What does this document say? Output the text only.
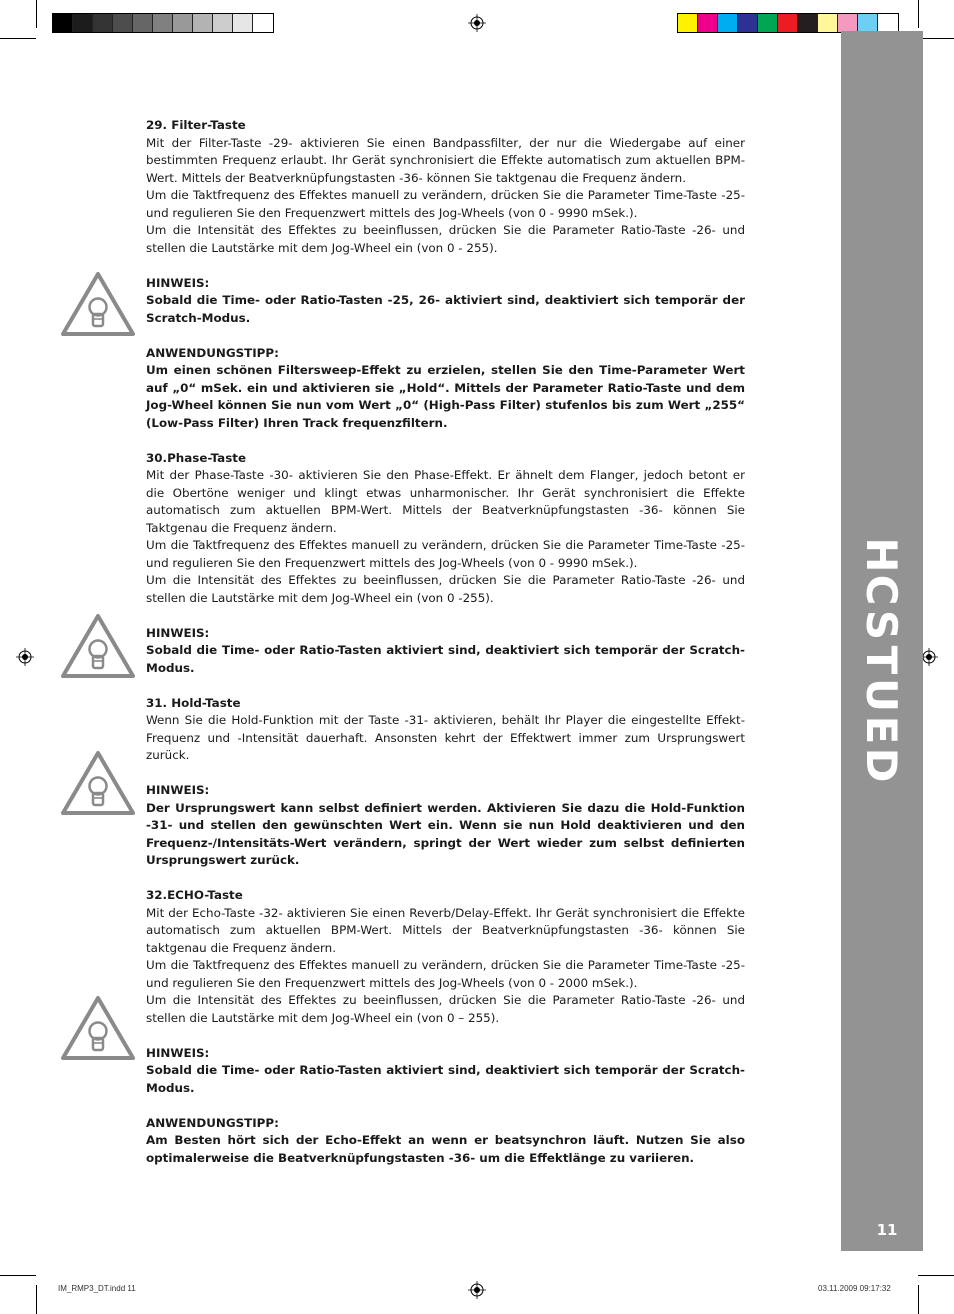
H
C
S
T
U
E
D
11

29. Filter-Taste

Mit der Filter-Taste -29- aktivieren Sie einen Bandpassfilter, der nur die Wiedergabe auf einer bestimmten Frequenz erlaubt. Ihr Gerät synchronisiert die Effekte automatisch zum aktuellen BPM-Wert. Mittels der Beatverknüpfungstasten -36- können Sie taktgenau die Frequenz ändern.

Um die Taktfrequenz des Effektes manuell zu verändern, drücken Sie die Parameter Time-Taste -25- und regulieren Sie den Frequenzwert mittels des Jog-Wheels (von 0 - 9990 mSek.).

Um die Intensität des Effektes zu beeinflussen, drücken Sie die Parameter Ratio-Taste -26- und stellen die Lautstärke mit dem Jog-Wheel ein (von 0 - 255).

HINWEIS:

Sobald die Time- oder Ratio-Tasten -25, 26- aktiviert sind, deaktiviert sich temporär der Scratch-Modus.

ANWENDUNGSTIPP:

Um einen schönen Filtersweep-Effekt zu erzielen, stellen Sie den Time-Parameter Wert auf „0“ mSek. ein und aktivieren sie „Hold“. Mittels der Parameter Ratio-Taste und dem Jog-Wheel können Sie nun vom Wert „0“ (High-Pass Filter) stufenlos bis zum Wert „255“ (Low-Pass Filter) Ihren Track frequenzfiltern.

30.Phase-Taste

Mit der Phase-Taste -30- aktivieren Sie den Phase-Effekt. Er ähnelt dem Flanger, jedoch betont er die Obertöne weniger und klingt etwas unharmonischer. Ihr Gerät synchronisiert die Effekte automatisch zum aktuellen BPM-Wert. Mittels der Beatverknüpfungstasten -36- können Sie Taktgenau die Frequenz ändern.

Um die Taktfrequenz des Effektes manuell zu verändern, drücken Sie die Parameter Time-Taste -25- und regulieren Sie den Frequenzwert mittels des Jog-Wheels (von 0 - 9990 mSek.).

Um die Intensität des Effektes zu beeinflussen, drücken Sie die Parameter Ratio-Taste -26- und stellen die Lautstärke mit dem Jog-Wheel ein (von 0 -255).

HINWEIS:

Sobald die Time- oder Ratio-Tasten aktiviert sind, deaktiviert sich temporär der Scratch-Modus.

31. Hold-Taste

Wenn Sie die Hold-Funktion mit der Taste -31- aktivieren, behält Ihr Player die eingestellte Effekt-Frequenz und -Intensität dauerhaft. Ansonsten kehrt der Effektwert immer zum Ursprungswert zurück.

HINWEIS:

Der Ursprungswert kann selbst definiert werden. Aktivieren Sie dazu die Hold-Funktion -31- und stellen den gewünschten Wert ein. Wenn sie nun Hold deaktivieren und den Frequenz-/Intensitäts-Wert verändern, springt der Wert wieder zum selbst definierten Ursprungswert zurück.

32.ECHO-Taste

Mit der Echo-Taste -32- aktivieren Sie einen Reverb/Delay-Effekt. Ihr Gerät synchronisiert die Effekte automatisch zum aktuellen BPM-Wert. Mittels der Beatverknüpfungstasten -36- können Sie taktgenau die Frequenz ändern.

Um die Taktfrequenz des Effektes manuell zu verändern, drücken Sie die Parameter Time-Taste -25- und regulieren Sie den Frequenzwert mittels des Jog-Wheels (von 0 - 2000 mSek.).

Um die Intensität des Effektes zu beeinflussen, drücken Sie die Parameter Ratio-Taste -26- und stellen die Lautstärke mit dem Jog-Wheel ein (von 0 – 255).

HINWEIS:

Sobald die Time- oder Ratio-Tasten aktiviert sind, deaktiviert sich temporär der Scratch-Modus.

ANWENDUNGSTIPP:

Am Besten hört sich der Echo-Effekt an wenn er beatsynchron läuft. Nutzen Sie also optimalerweise die Beatverknüpfungstasten -36- um die Effektlänge zu variieren.

IM_RMP3_DT.indd 11	03.11.2009 09:17:32
